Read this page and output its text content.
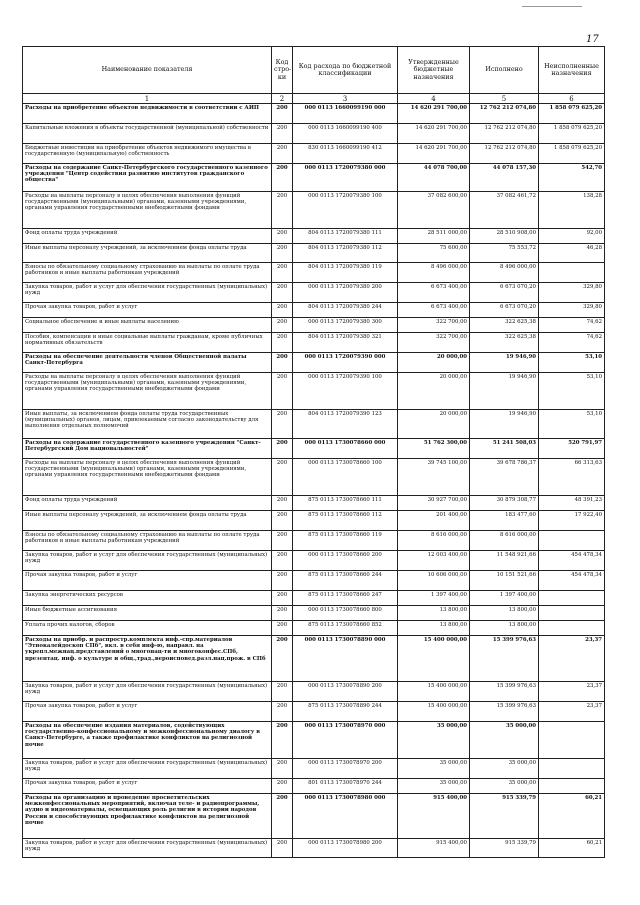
17
Наименование показателя	Код стро-ки	Код расхода по бюджетной классификации	Утвержденные бюджетные назначения	Исполнено	Неисполненные назначения
1	2	3	4	5	6
Расходы на приобретение объектов недвижимости в соответствии с АИП	200	000 0113 1660099190 000	14 620 291 700,00	12 762 212 074,80	1 858 079 625,20
Капитальные вложения в объекты государственной (муниципальной) собственности	200	000 0113 1660099190 400	14 620 291 700,00	12 762 212 074,80	1 858 079 625,20
Бюджетные инвестиции на приобретение объектов недвижимого имущества в государственную (муниципальную) собственность	200	830 0113 1660099190 412	14 620 291 700,00	12 762 212 074,80	1 858 079 625,20
Расходы на содержание Санкт-Петербургского государственного казенного учреждения "Центр содействия развитию институтов гражданского общества"	200	000 0113 1720079380 000	44 078 700,00	44 078 157,30	542,70
Расходы на выплаты персоналу в целях обеспечения выполнения функций государственными (муниципальными) органами, казенными учреждениями, органами управления государственными внебюджетными фондами	200	000 0113 1720079380 100	37 082 600,00	37 082 461,72	138,28
Фонд оплаты труда учреждений	200	804 0113 1720079380 111	28 511 000,00	28 510 908,00	92,00
Иные выплаты персоналу учреждений, за исключением фонда оплаты труда	200	804 0113 1720079380 112	75 600,00	75 553,72	46,28
Взносы по обязательному социальному страхованию на выплаты по оплате труда работников и иные выплаты работникам учреждений	200	804 0113 1720079380 119	8 496 000,00	8 496 000,00	
Закупка товаров, работ и услуг для обеспечения государственных (муниципальных) нужд	200	000 0113 1720079380 200	6 673 400,00	6 673 070,20	329,80
Прочая закупка товаров, работ и услуг	200	804 0113 1720079380 244	6 673 400,00	6 673 070,20	329,80
Социальное обеспечение и иные выплаты населению	200	000 0113 1720079380 300	322 700,00	322 625,38	74,62
Пособия, компенсации и иные социальные выплаты гражданам, кроме публичных нормативных обязательств	200	804 0113 1720079380 321	322 700,00	322 625,38	74,62
Расходы на обеспечение деятельности членов Общественной палаты Санкт-Петербурга	200	000 0113 1720079390 000	20 000,00	19 946,90	53,10
Расходы на выплаты персоналу в целях обеспечения выполнения функций государственными (муниципальными) органами, казенными учреждениями, органами управления государственными внебюджетными фондами	200	000 0113 1720079390 100	20 000,00	19 946,90	53,10
Иные выплаты, за исключением фонда оплаты труда государственных (муниципальных) органов, лицам, привлекаемым согласно законодательству для выполнения отдельных полномочий	200	804 0113 1720079390 123	20 000,00	19 946,90	53,10
Расходы на содержание государственного казенного учреждения "Санкт-Петербургский Дом национальностей"	200	000 0113 1730078660 000	51 762 300,00	51 241 508,03	520 791,97
Расходы на выплаты персоналу в целях обеспечения выполнения функций государственными (муниципальными) органами, казенными учреждениями, органами управления государственными внебюджетными фондами	200	000 0113 1730078660 100	39 745 100,00	39 678 786,37	66 313,63
Фонд оплаты труда учреждений	200	875 0113 1730078660 111	30 927 700,00	30 879 308,77	48 391,23
Иные выплаты персоналу учреждений, за исключением фонда оплаты труда	200	875 0113 1730078660 112	201 400,00	183 477,60	17 922,40
Взносы по обязательному социальному страхованию на выплаты по оплате труда работников и иные выплаты работникам учреждений	200	875 0113 1730078660 119	8 616 000,00	8 616 000,00	
Закупка товаров, работ и услуг для обеспечения государственных (муниципальных) нужд	200	000 0113 1730078660 200	12 003 400,00	11 548 921,66	454 478,34
Прочая закупка товаров, работ и услуг	200	875 0113 1730078660 244	10 606 000,00	10 151 521,66	454 478,34
Закупка энергетических ресурсов	200	875 0113 1730078660 247	1 397 400,00	1 397 400,00	
Иные бюджетные ассигнования	200	000 0113 1730078660 800	13 800,00	13 800,00	
Уплата прочих налогов, сборов	200	875 0113 1730078660 852	13 800,00	13 800,00	
Расходы на приобр. и распростр.комплекта инф.-спр.материалов "Этнокалейдоскоп СПб", вкл. в себя инф-ю, направл. на укрепл.межнац.представлений о многонац-ти и многоконфес.СПб, презентац. инф. о культуре и общ.,трад.,вероисповед.разл.нац.прож. в СПб	200	000 0113 1730078890 000	15 400 000,00	15 399 976,63	23,37
Закупка товаров, работ и услуг для обеспечения государственных (муниципальных) нужд	200	000 0113 1730078890 200	15 400 000,00	15 399 976,63	23,37
Прочая закупка товаров, работ и услуг	200	875 0113 1730078890 244	15 400 000,00	15 399 976,63	23,37
Расходы на обеспечение издания материалов, содействующих государственно-конфессиональному и межконфессиональному диалогу в Санкт-Петербурге, а также профилактике конфликтов на религиозной почве	200	000 0113 1730078970 000	35 000,00	35 000,00	
Закупка товаров, работ и услуг для обеспечения государственных (муниципальных) нужд	200	000 0113 1730078970 200	35 000,00	35 000,00	
Прочая закупка товаров, работ и услуг	200	801 0113 1730078970 244	35 000,00	35 000,00	
Расходы на организацию и проведение просветительских межконфессиональных мероприятий, включая теле- и радиопрограммы, аудио и видеоматериалы, освещающих роль религии в истории народов России и способствующих профилактике конфликтов на религиозной почве	200	000 0113 1730078980 000	915 400,00	915 339,79	60,21
Закупка товаров, работ и услуг для обеспечения государственных (муниципальных) нужд	200	000 0113 1730078980 200	915 400,00	915 339,79	60,21
